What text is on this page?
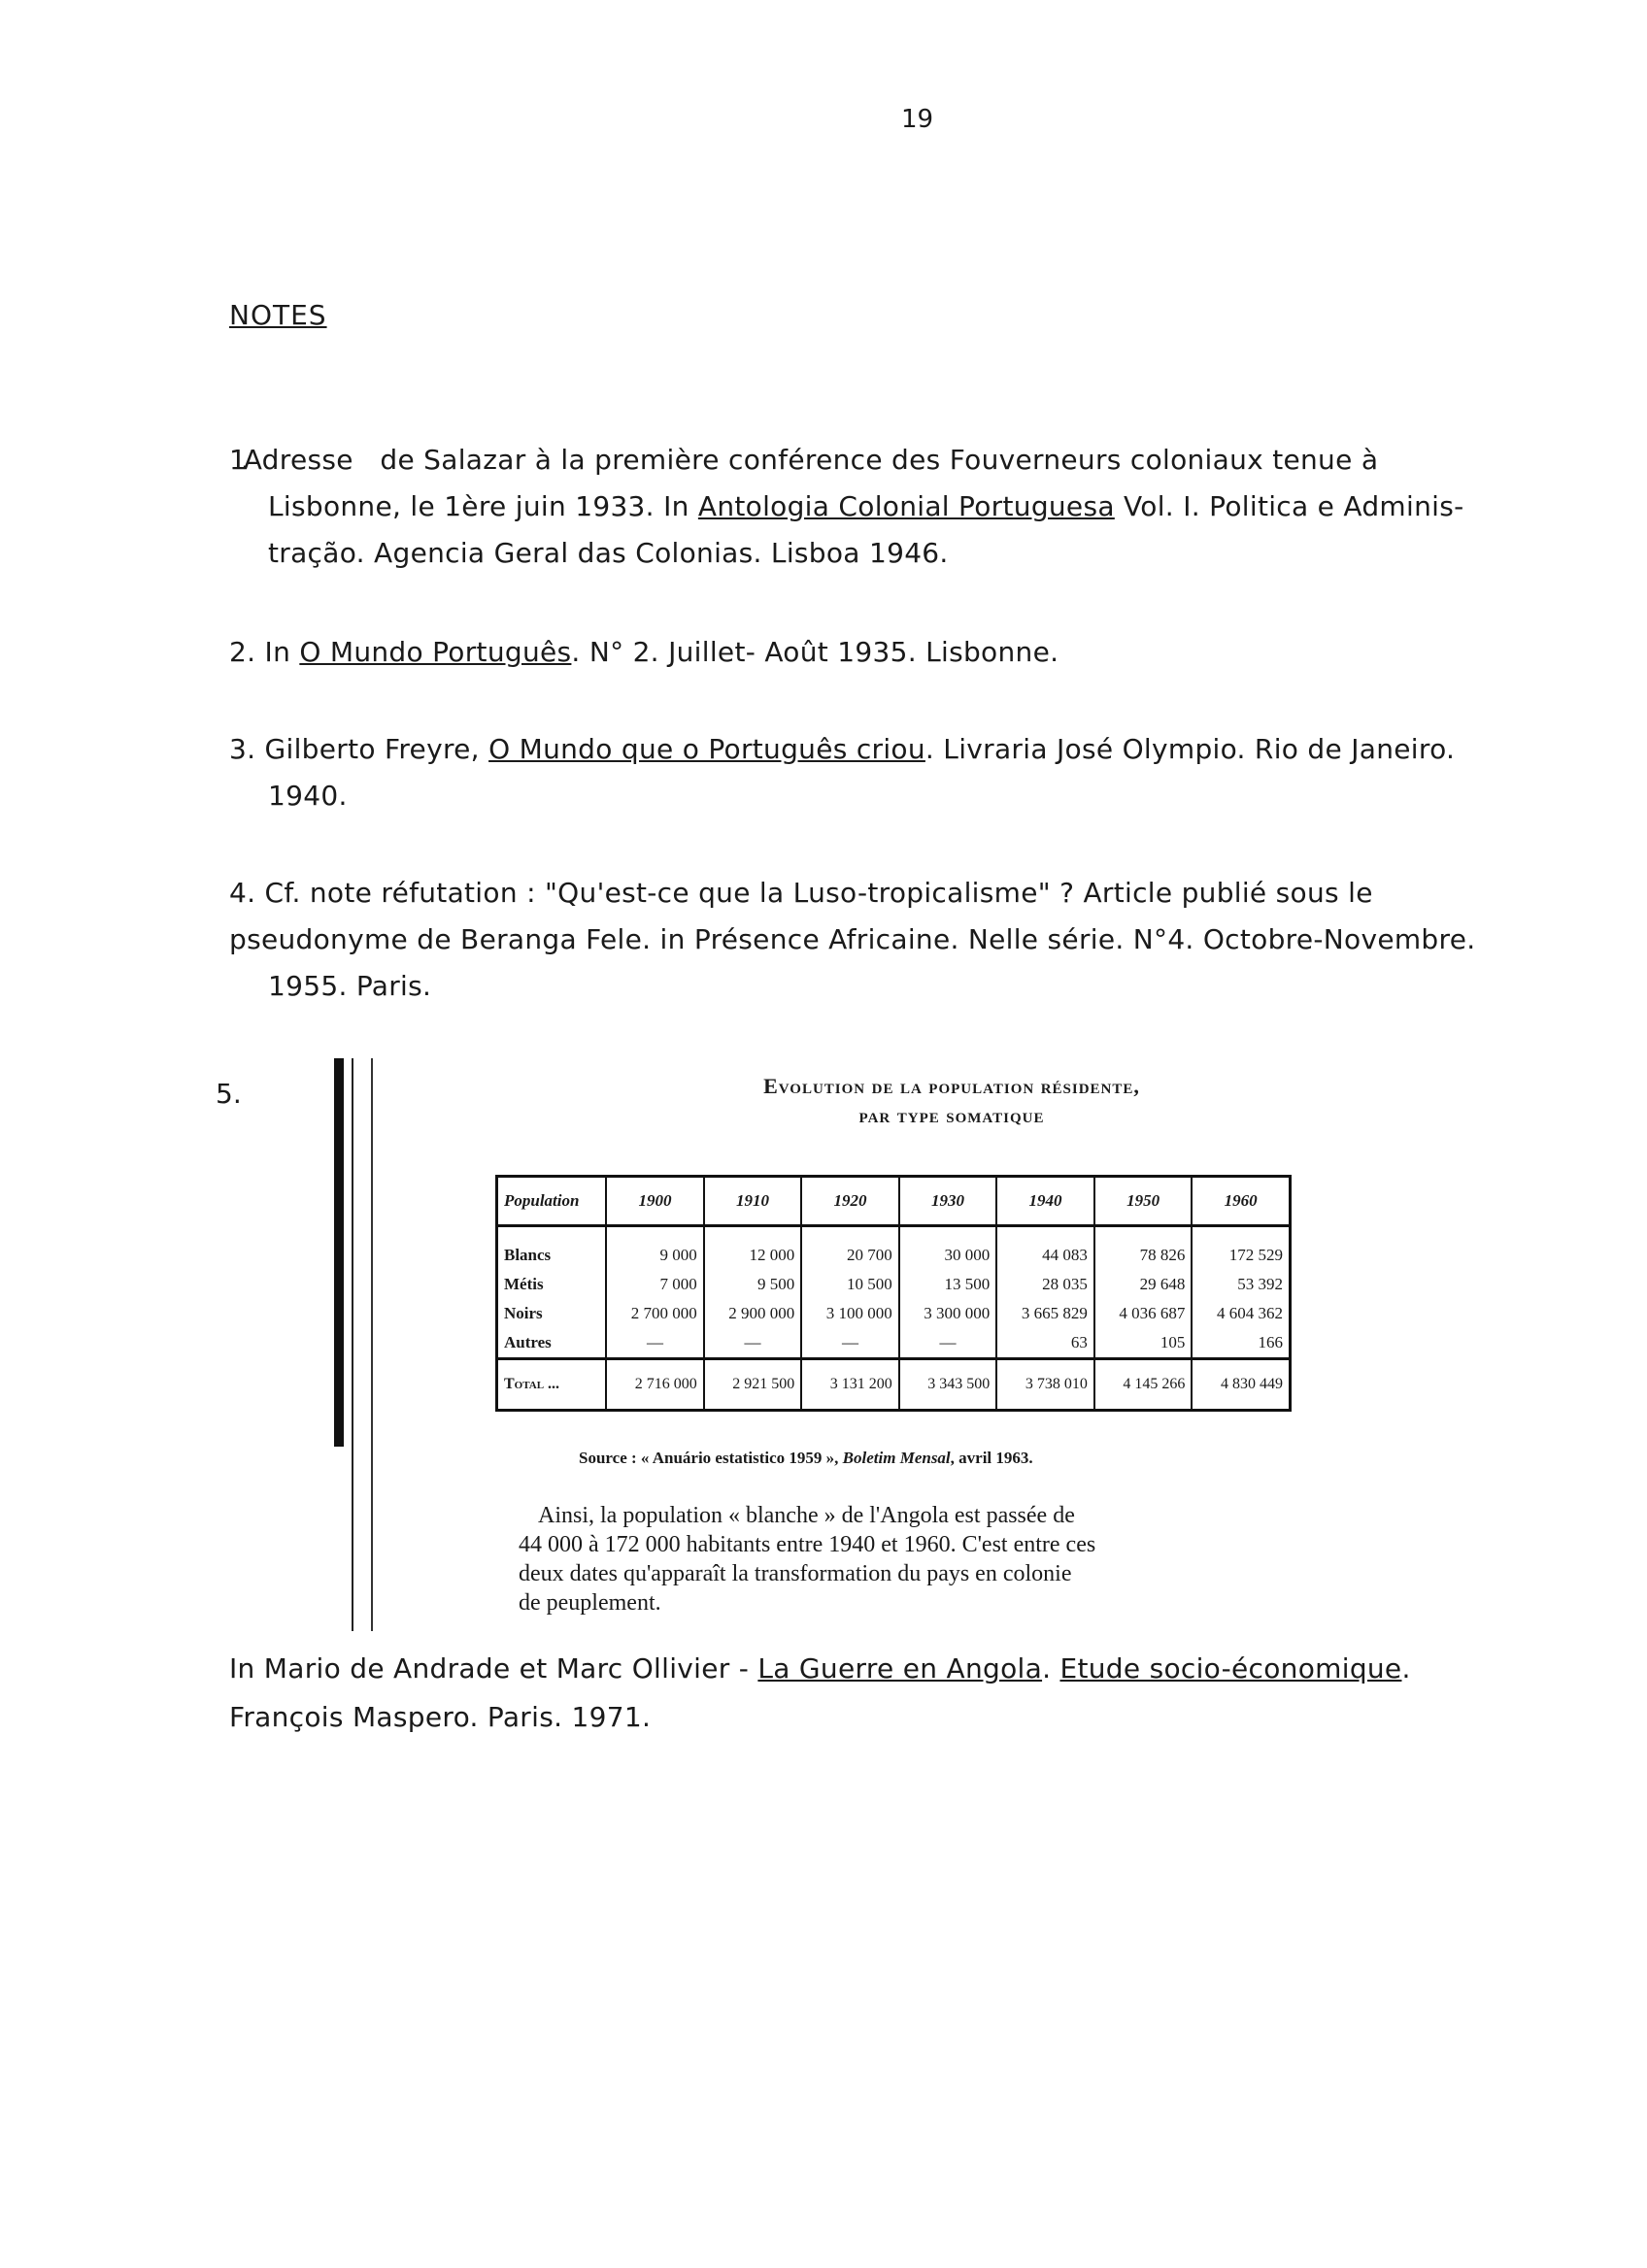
19
NOTES
1.Adresse   de Salazar à la première conférence des Fouverneurs coloniaux tenue à
Lisbonne, le 1ère juin 1933. In Antologia Colonial Portuguesa Vol. I. Politica e Adminis-
tração. Agencia Geral das Colonias. Lisboa 1946.
2. In O Mundo Português. N° 2. Juillet- Août 1935. Lisbonne.
3. Gilberto Freyre, O Mundo que o Português criou. Livraria José Olympio. Rio de Janeiro.
1940.
4. Cf. note réfutation : "Qu'est-ce que la Luso-tropicalisme" ? Article publié sous le
pseudonyme de Beranga Fele. in Présence Africaine. Nelle série. N°4. Octobre-Novembre.
1955. Paris.
5.	Evolution de la population résidente,
par type somatique
Population	1900	1910	1920	1930	1940	1950	1960

Blancs	9 000	12 000	20 700	30 000	44 083	78 826	172 529
Métis	7 000	9 500	10 500	13 500	28 035	29 648	53 392
Noirs	2 700 000	2 900 000	3 100 000	3 300 000	3 665 829	4 036 687	4 604 362
Autres	—	—	—	—	63	105	166
Total ...	2 716 000	2 921 500	3 131 200	3 343 500	3 738 010	4 145 266	4 830 449
Source : « Anuário estatistico 1959 », Boletim Mensal, avril 1963.
Ainsi, la population « blanche » de l'Angola est passée de
44 000 à 172 000 habitants entre 1940 et 1960. C'est entre ces
deux dates qu'apparaît la transformation du pays en colonie
de peuplement.
In Mario de Andrade et Marc Ollivier - La Guerre en Angola. Etude socio-économique.
François Maspero. Paris. 1971.
